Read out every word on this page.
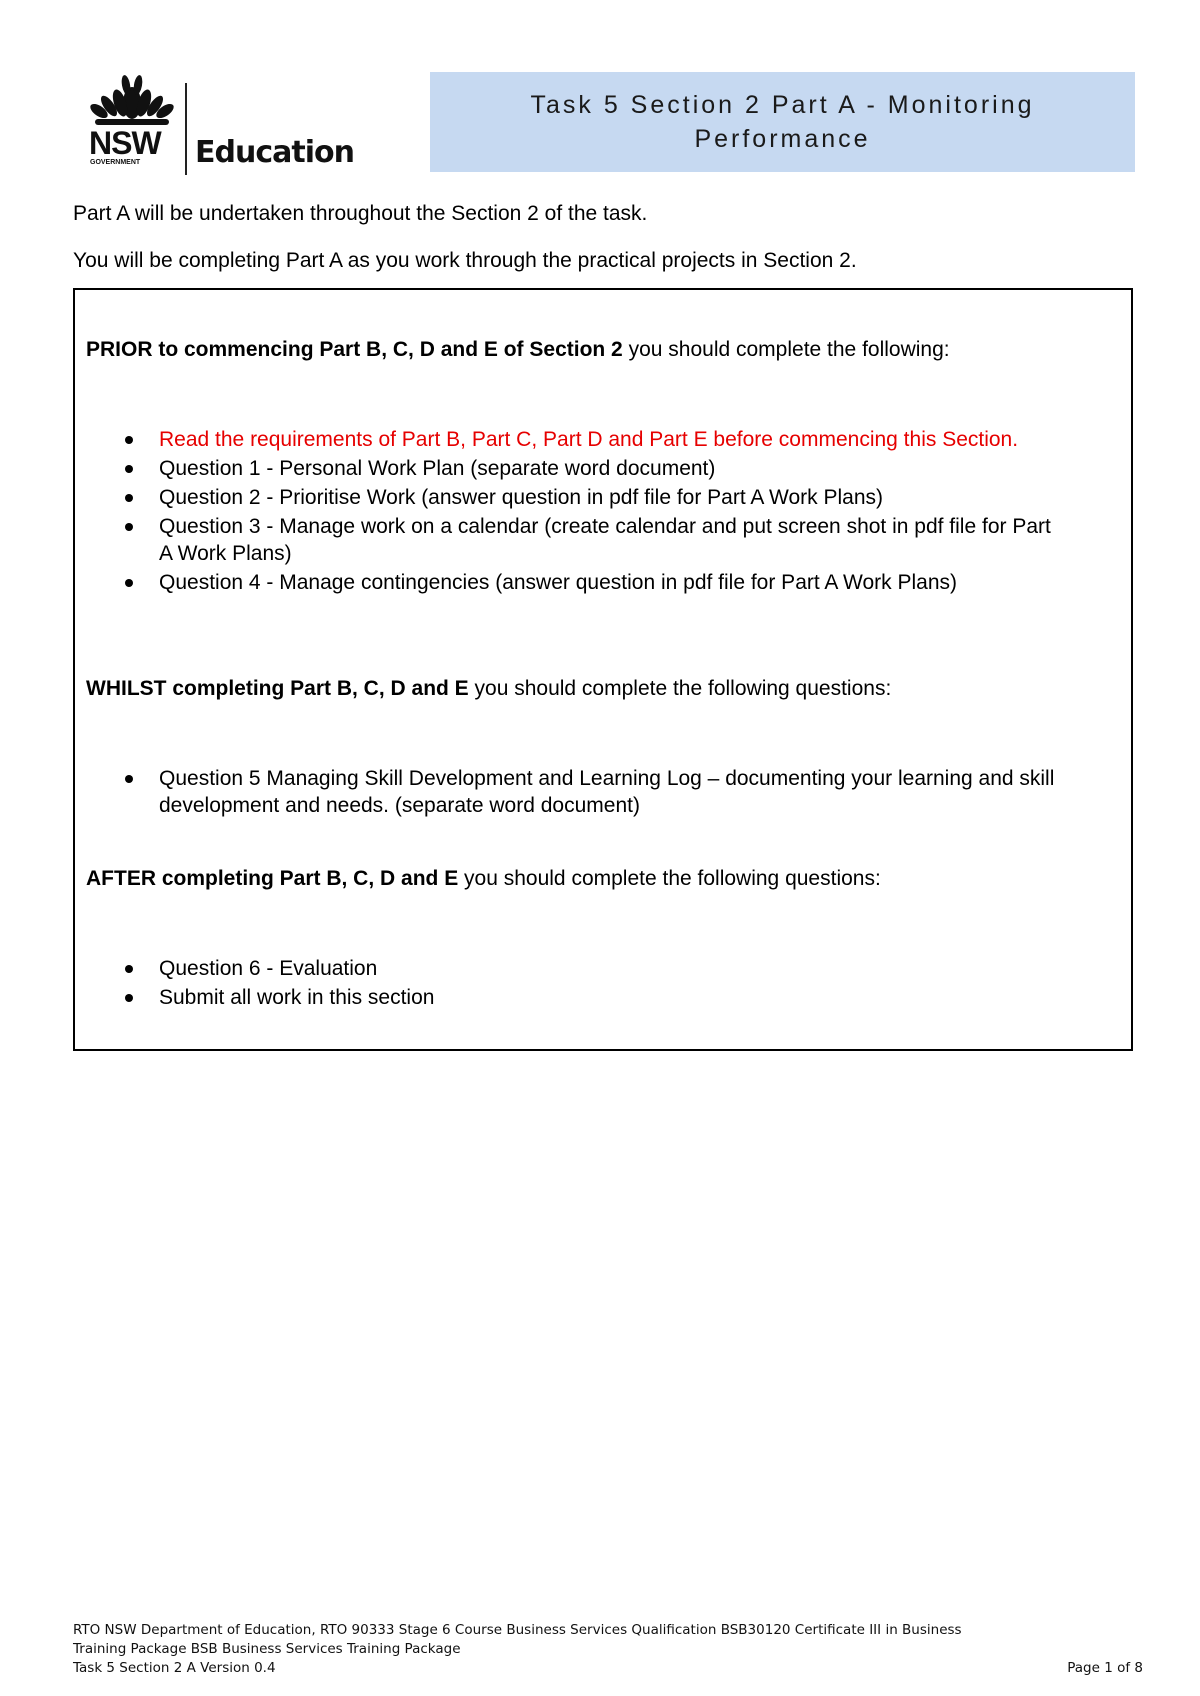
NSW
GOVERNMENT Education
Task 5 Section 2 Part A - Monitoring Performance
Part A will be undertaken throughout the Section 2 of the task.
You will be completing Part A as you work through the practical projects in Section 2.
PRIOR to commencing Part B, C, D and E of Section 2 you should complete the following:
Read the requirements of Part B, Part C, Part D and Part E before commencing this Section.
Question 1 - Personal Work Plan (separate word document)
Question 2 - Prioritise Work (answer question in pdf file for Part A Work Plans)
Question 3 - Manage work on a calendar (create calendar and put screen shot in pdf file for Part A Work Plans)
Question 4 - Manage contingencies (answer question in pdf file for Part A Work Plans)
WHILST completing Part B, C, D and E you should complete the following questions:
Question 5 Managing Skill Development and Learning Log – documenting your learning and skill development and needs. (separate word document)
AFTER completing Part B, C, D and E you should complete the following questions:
Question 6 - Evaluation
Submit all work in this section
RTO NSW Department of Education, RTO 90333 Stage 6 Course Business Services Qualification BSB30120 Certificate III in Business
Training Package BSB Business Services Training Package
Task 5 Section 2 A Version 0.4	Page 1 of 8
